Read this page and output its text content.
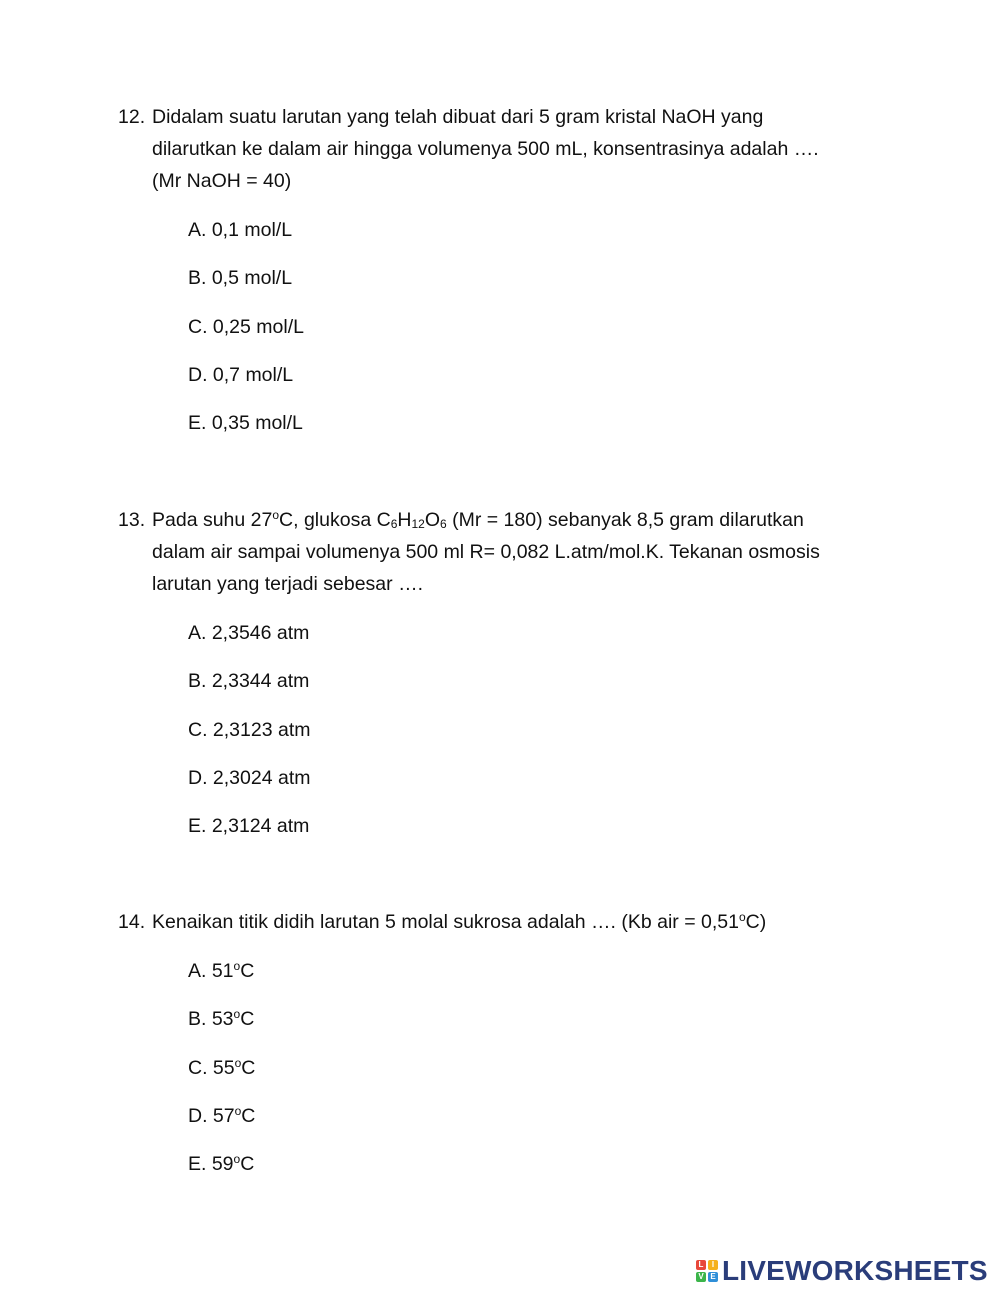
12. Didalam suatu larutan yang telah dibuat dari 5 gram kristal NaOH yang
dilarutkan ke dalam air hingga volumenya 500 mL, konsentrasinya adalah ….
(Mr NaOH = 40)
A. 0,1 mol/L
B. 0,5 mol/L
C. 0,25 mol/L
D. 0,7 mol/L
E. 0,35 mol/L
13. Pada suhu 27$^o$C, glukosa $C_6H_{12}O_6$ (Mr = 180) sebanyak 8,5 gram dilarutkan
dalam air sampai volumenya 500 ml R= 0,082 L.atm/mol.K. Tekanan osmosis
larutan yang terjadi sebesar ….
A. 2,3546 atm
B. 2,3344 atm
C. 2,3123 atm
D. 2,3024 atm
E. 2,3124 atm
14. Kenaikan titik didih larutan 5 molal sukrosa adalah …. (Kb air = $0,51^oC$)
A. 51$^o$C
B. 53$^o$C
C. 55$^o$C
D. 57$^o$C
E. 59$^o$C
L	I
V E LIVEWORKSHEETS
